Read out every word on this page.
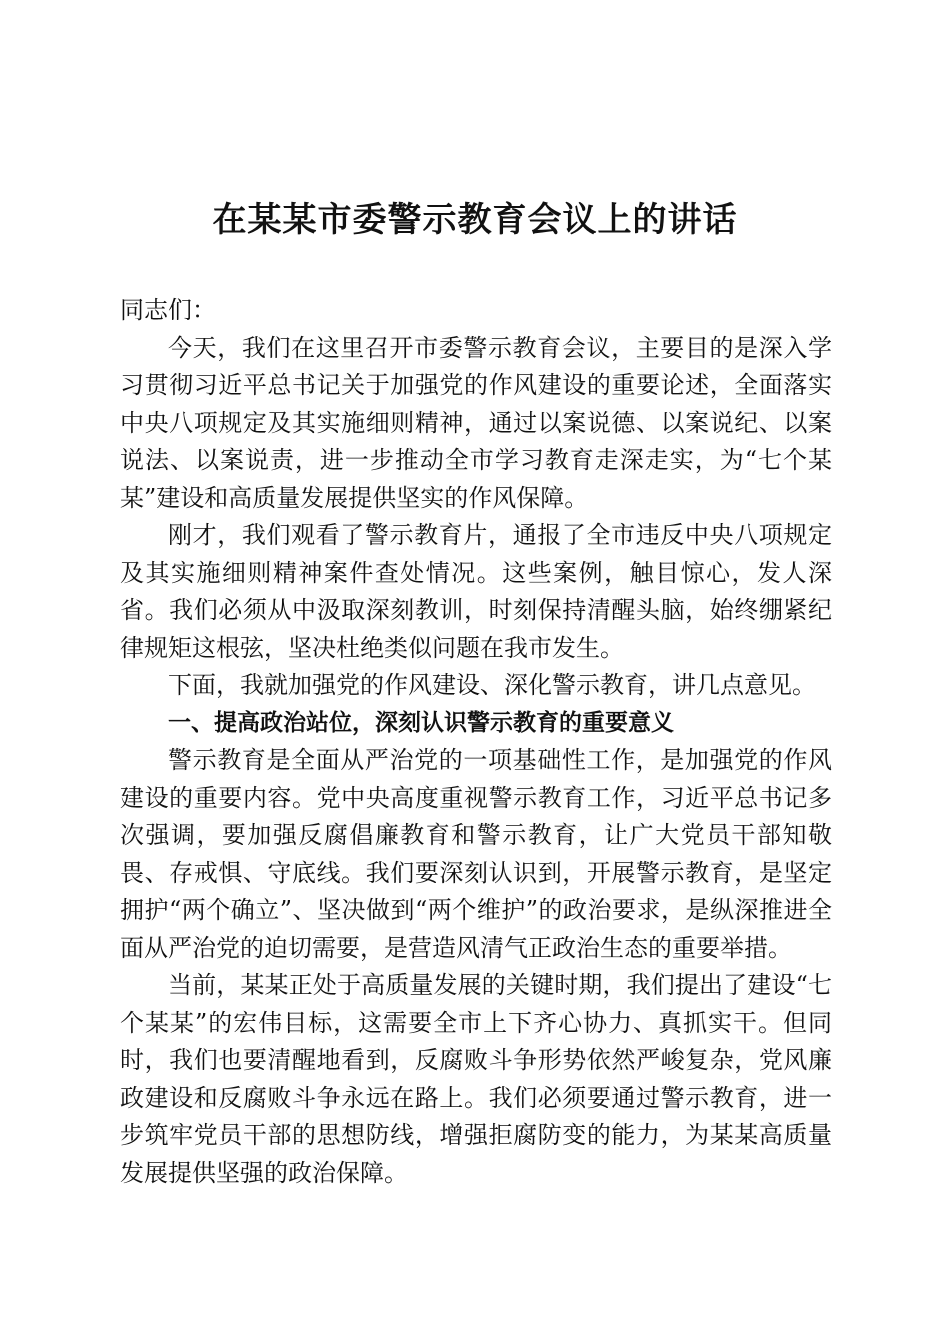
在某某市委警示教育会议上的讲话

同志们：

今天，我们在这里召开市委警示教育会议，主要目的是深入学习贯彻习近平总书记关于加强党的作风建设的重要论述，全面落实中央八项规定及其实施细则精神，通过以案说德、以案说纪、以案说法、以案说责，进一步推动全市学习教育走深走实，为“七个某某”建设和高质量发展提供坚实的作风保障。

刚才，我们观看了警示教育片，通报了全市违反中央八项规定及其实施细则精神案件查处情况。这些案例，触目惊心，发人深省。我们必须从中汲取深刻教训，时刻保持清醒头脑，始终绷紧纪律规矩这根弦，坚决杜绝类似问题在我市发生。

下面，我就加强党的作风建设、深化警示教育，讲几点意见。

一、提高政治站位，深刻认识警示教育的重要意义

警示教育是全面从严治党的一项基础性工作，是加强党的作风建设的重要内容。党中央高度重视警示教育工作，习近平总书记多次强调，要加强反腐倡廉教育和警示教育，让广大党员干部知敬畏、存戒惧、守底线。我们要深刻认识到，开展警示教育，是坚定拥护“两个确立”、坚决做到“两个维护”的政治要求，是纵深推进全面从严治党的迫切需要，是营造风清气正政治生态的重要举措。

当前，某某正处于高质量发展的关键时期，我们提出了建设“七个某某”的宏伟目标，这需要全市上下齐心协力、真抓实干。但同时，我们也要清醒地看到，反腐败斗争形势依然严峻复杂，党风廉政建设和反腐败斗争永远在路上。我们必须要通过警示教育，进一步筑牢党员干部的思想防线，增强拒腐防变的能力，为某某高质量发展提供坚强的政治保障。
